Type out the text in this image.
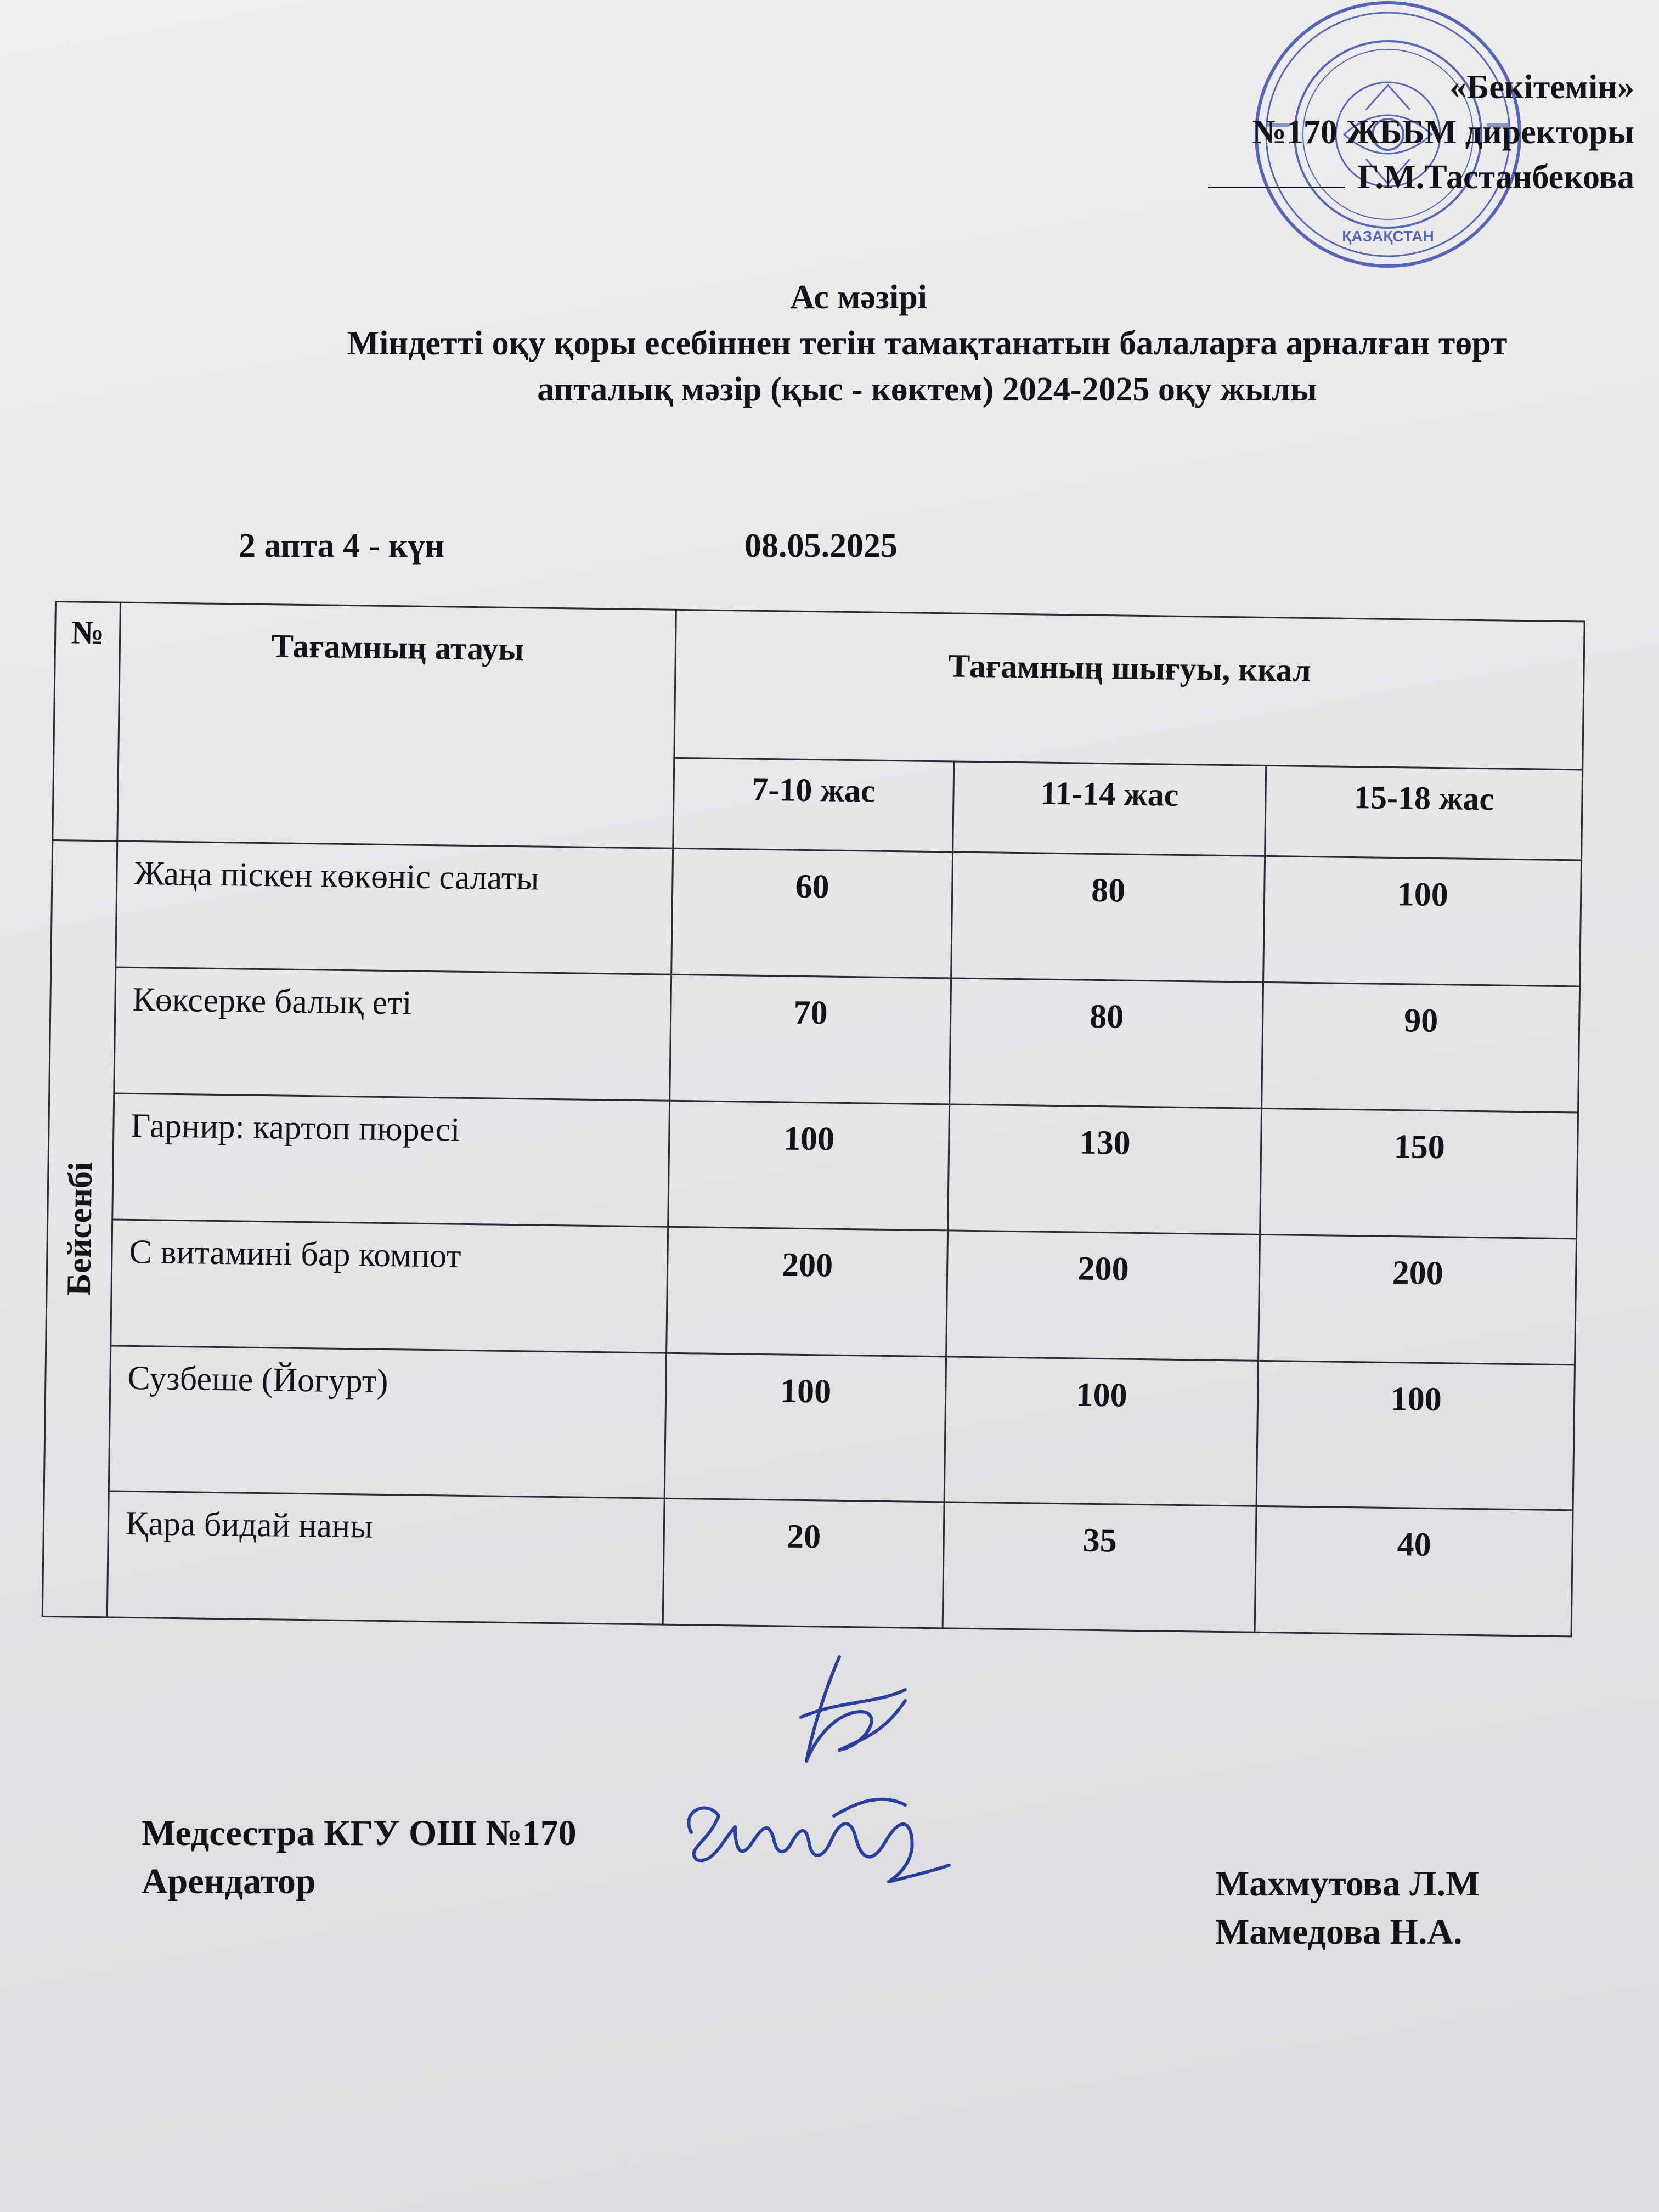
ҚАЗАҚСТАН
«Бекітемін»
№170 ЖББМ директоры
Г.М.Тастанбекова
Ас мәзірі
Міндетті оқу қоры есебіннен тегін тамақтанатын балаларға арналған төрт
апталық мәзір (қыс - көктем) 2024-2025 оқу жылы
2 апта 4 - күн	08.05.2025
№	Тағамның атауы	Тағамның шығуы, ккал		
		7-10 жас	11-14 жас	15-18 жас

Бейсенбі	Жаңа піскен көкөніс салаты	60	80	100
	Көксерке балық еті	70	80	90
	Гарнир: картоп пюресі	100	130	150
	С витамині бар компот	200	200	200
	Сузбеше (Йогурт)	100	100	100
	Қара бидай наны	20	35	40
Медсестра КГУ ОШ №170
Арендатор	Махмутова Л.М
Мамедова Н.А.
